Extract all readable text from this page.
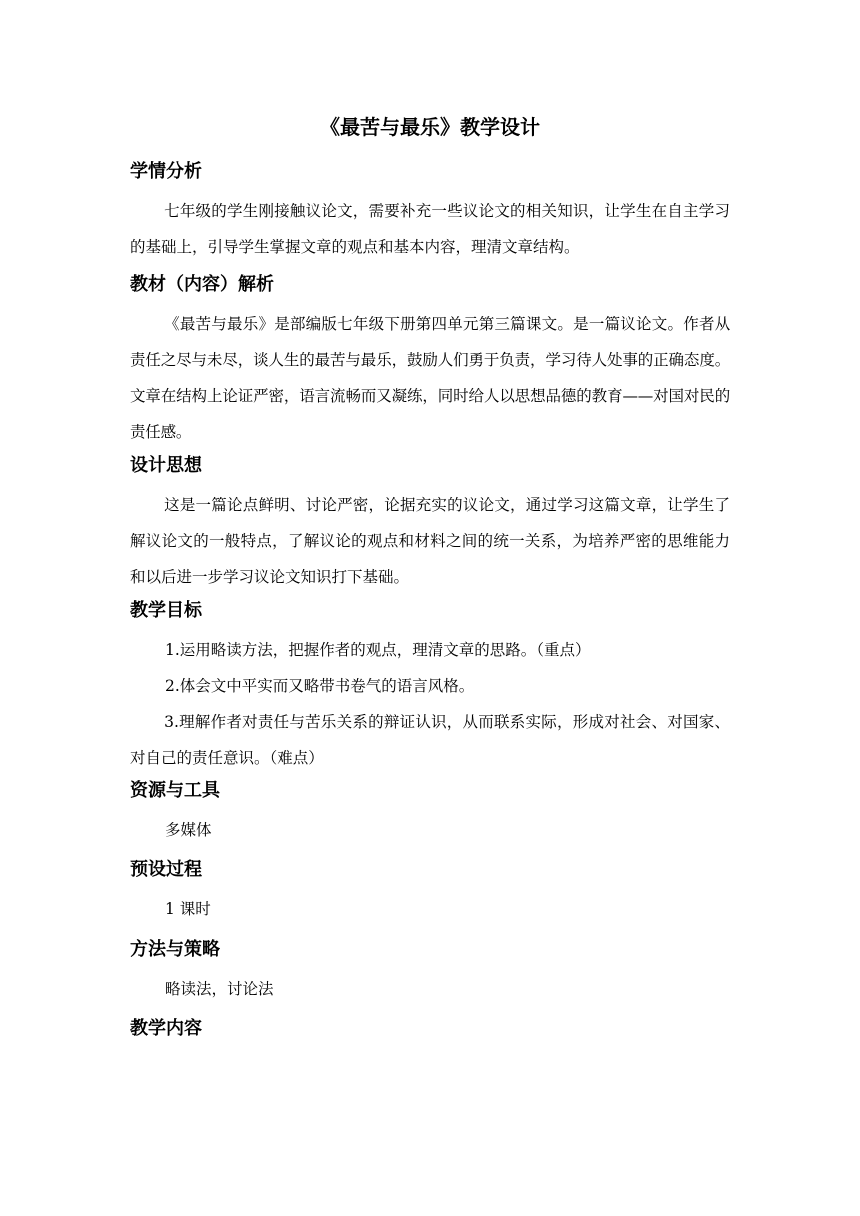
《最苦与最乐》教学设计
学情分析

七年级的学生刚接触议论文，需要补充一些议论文的相关知识，让学生在自主学习的基础上，引导学生掌握文章的观点和基本内容，理清文章结构。

教材（内容）解析

《最苦与最乐》是部编版七年级下册第四单元第三篇课文。是一篇议论文。作者从责任之尽与未尽，谈人生的最苦与最乐，鼓励人们勇于负责，学习待人处事的正确态度。文章在结构上论证严密，语言流畅而又凝练，同时给人以思想品德的教育——对国对民的责任感。

设计思想

这是一篇论点鲜明、讨论严密，论据充实的议论文，通过学习这篇文章，让学生了解议论文的一般特点，了解议论的观点和材料之间的统一关系，为培养严密的思维能力和以后进一步学习议论文知识打下基础。

教学目标

1.运用略读方法，把握作者的观点，理清文章的思路。（重点）

2.体会文中平实而又略带书卷气的语言风格。

3.理解作者对责任与苦乐关系的辩证认识，从而联系实际，形成对社会、对国家、对自己的责任意识。（难点）

资源与工具

多媒体

预设过程

1 课时

方法与策略

略读法，讨论法

教学内容
